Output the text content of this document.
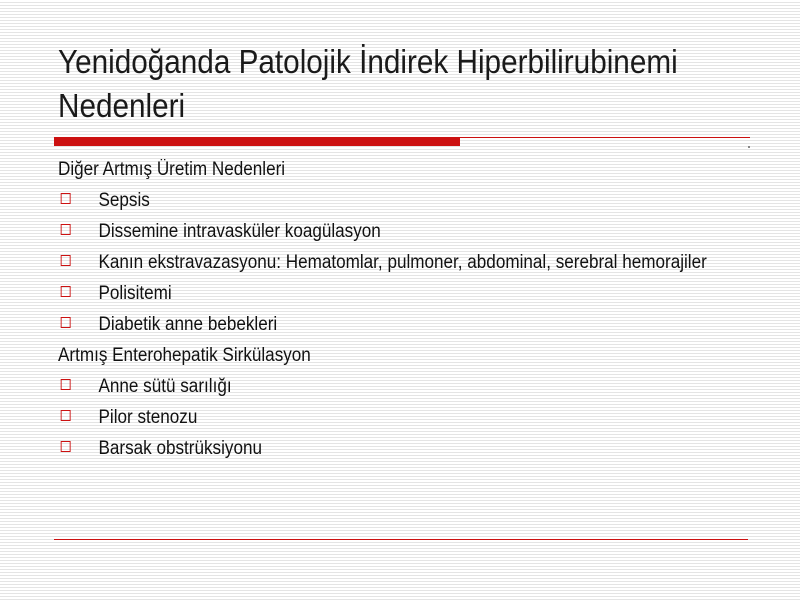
Yenidoğanda Patolojik İndirek Hiperbilirubinemi
Nedenleri
Diğer Artmış Üretim Nedenleri
Sepsis
Dissemine intravasküler koagülasyon
Kanın ekstravazasyonu: Hematomlar, pulmoner, abdominal, serebral hemorajiler
Polisitemi
Diabetik anne bebekleri
Artmış Enterohepatik Sirkülasyon
Anne sütü sarılığı
Pilor stenozu
Barsak obstrüksiyonu
